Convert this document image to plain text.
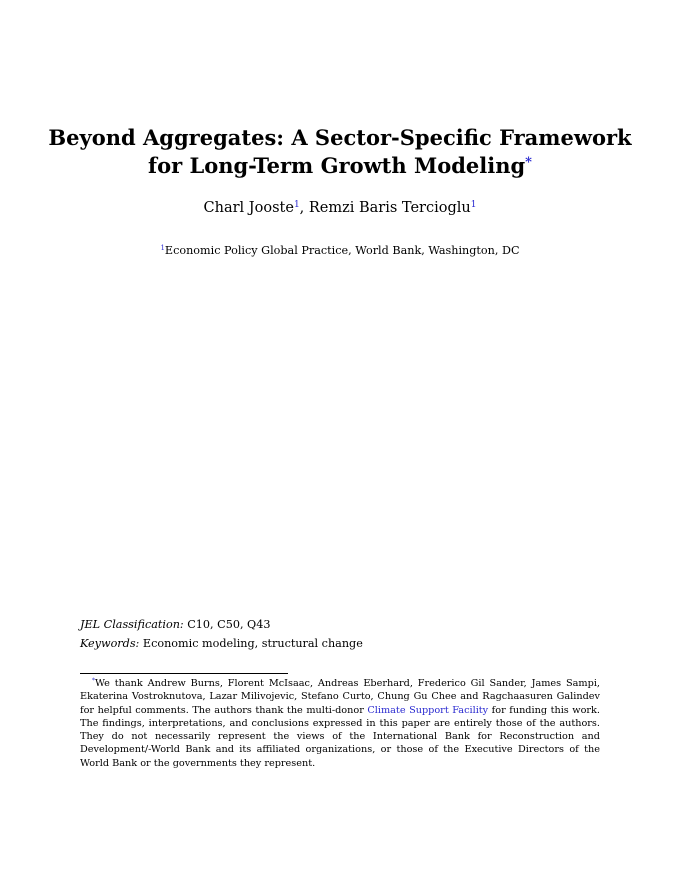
Beyond Aggregates: A Sector-Specific Framework
for Long-Term Growth Modeling*
Charl Jooste$^1$, Remzi Baris Tercioglu$^1$
$^1$Economic Policy Global Practice, World Bank, Washington, DC
JEL Classification: C10, C50, Q43
Keywords: Economic modeling, structural change

*We thank Andrew Burns, Florent McIsaac, Andreas Eberhard, Frederico Gil Sander, James Sampi, Ekaterina Vostroknutova, Lazar Milivojevic, Stefano Curto, Chung Gu Chee and Ragchaasuren Galindev for helpful comments. The authors thank the multi-donor Climate Support Facility for funding this work. The findings, interpretations, and conclusions expressed in this paper are entirely those of the authors. They do not necessarily represent the views of the International Bank for Reconstruction and Development/-World Bank and its affiliated organizations, or those of the Executive Directors of the World Bank or the governments they represent.
